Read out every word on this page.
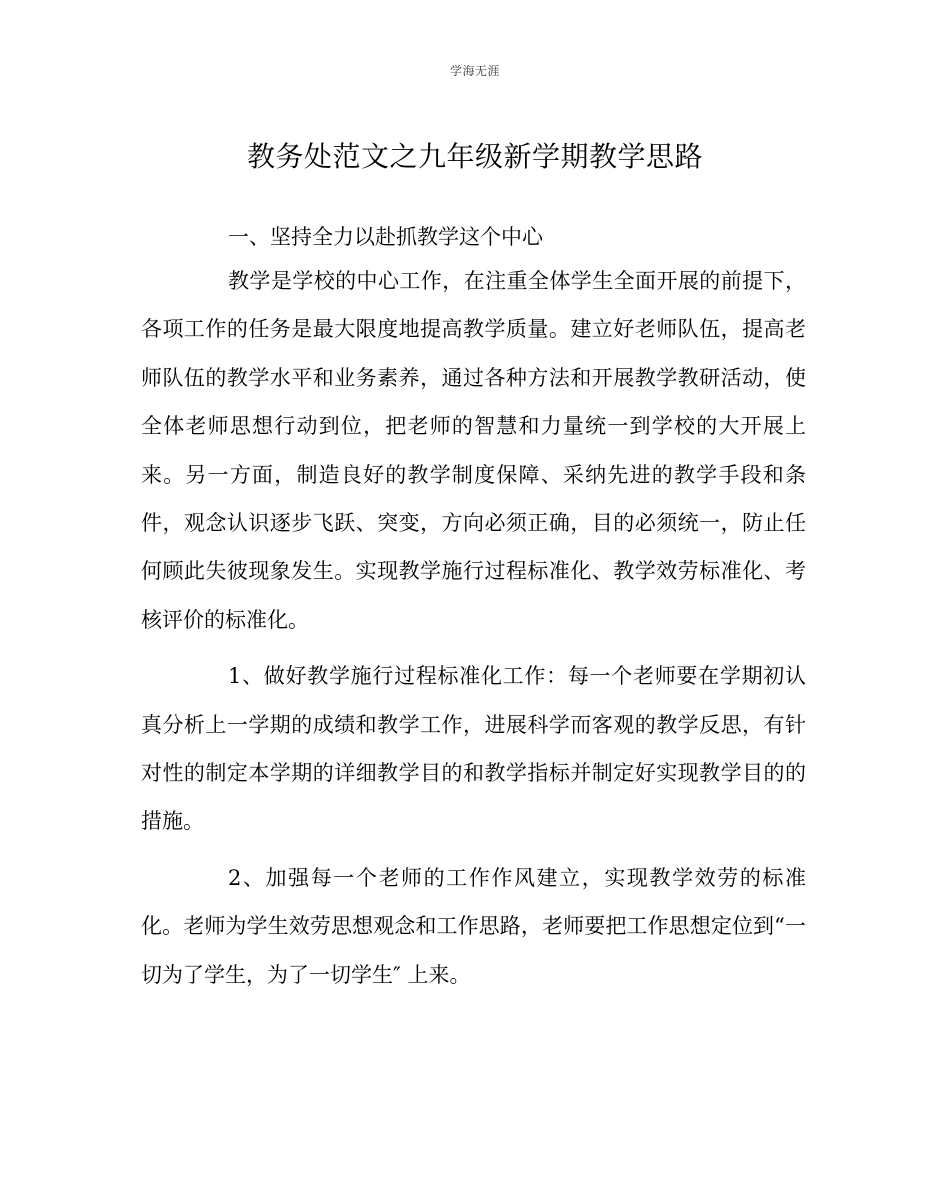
学海无涯
教务处范文之九年级新学期教学思路

一、坚持全力以赴抓教学这个中心

教学是学校的中心工作，在注重全体学生全面开展的前提下，各项工作的任务是最大限度地提高教学质量。建立好老师队伍，提高老师队伍的教学水平和业务素养，通过各种方法和开展教学教研活动，使全体老师思想行动到位，把老师的智慧和力量统一到学校的大开展上来。另一方面，制造良好的教学制度保障、采纳先进的教学手段和条件，观念认识逐步飞跃、突变，方向必须正确，目的必须统一，防止任何顾此失彼现象发生。实现教学施行过程标准化、教学效劳标准化、考核评价的标准化。

1、做好教学施行过程标准化工作：每一个老师要在学期初认真分析上一学期的成绩和教学工作，进展科学而客观的教学反思，有针对性的制定本学期的详细教学目的和教学指标并制定好实现教学目的的措施。

2、加强每一个老师的工作作风建立，实现教学效劳的标准化。老师为学生效劳思想观念和工作思路，老师要把工作思想定位到“一切为了学生，为了一切学生″ 上来。
